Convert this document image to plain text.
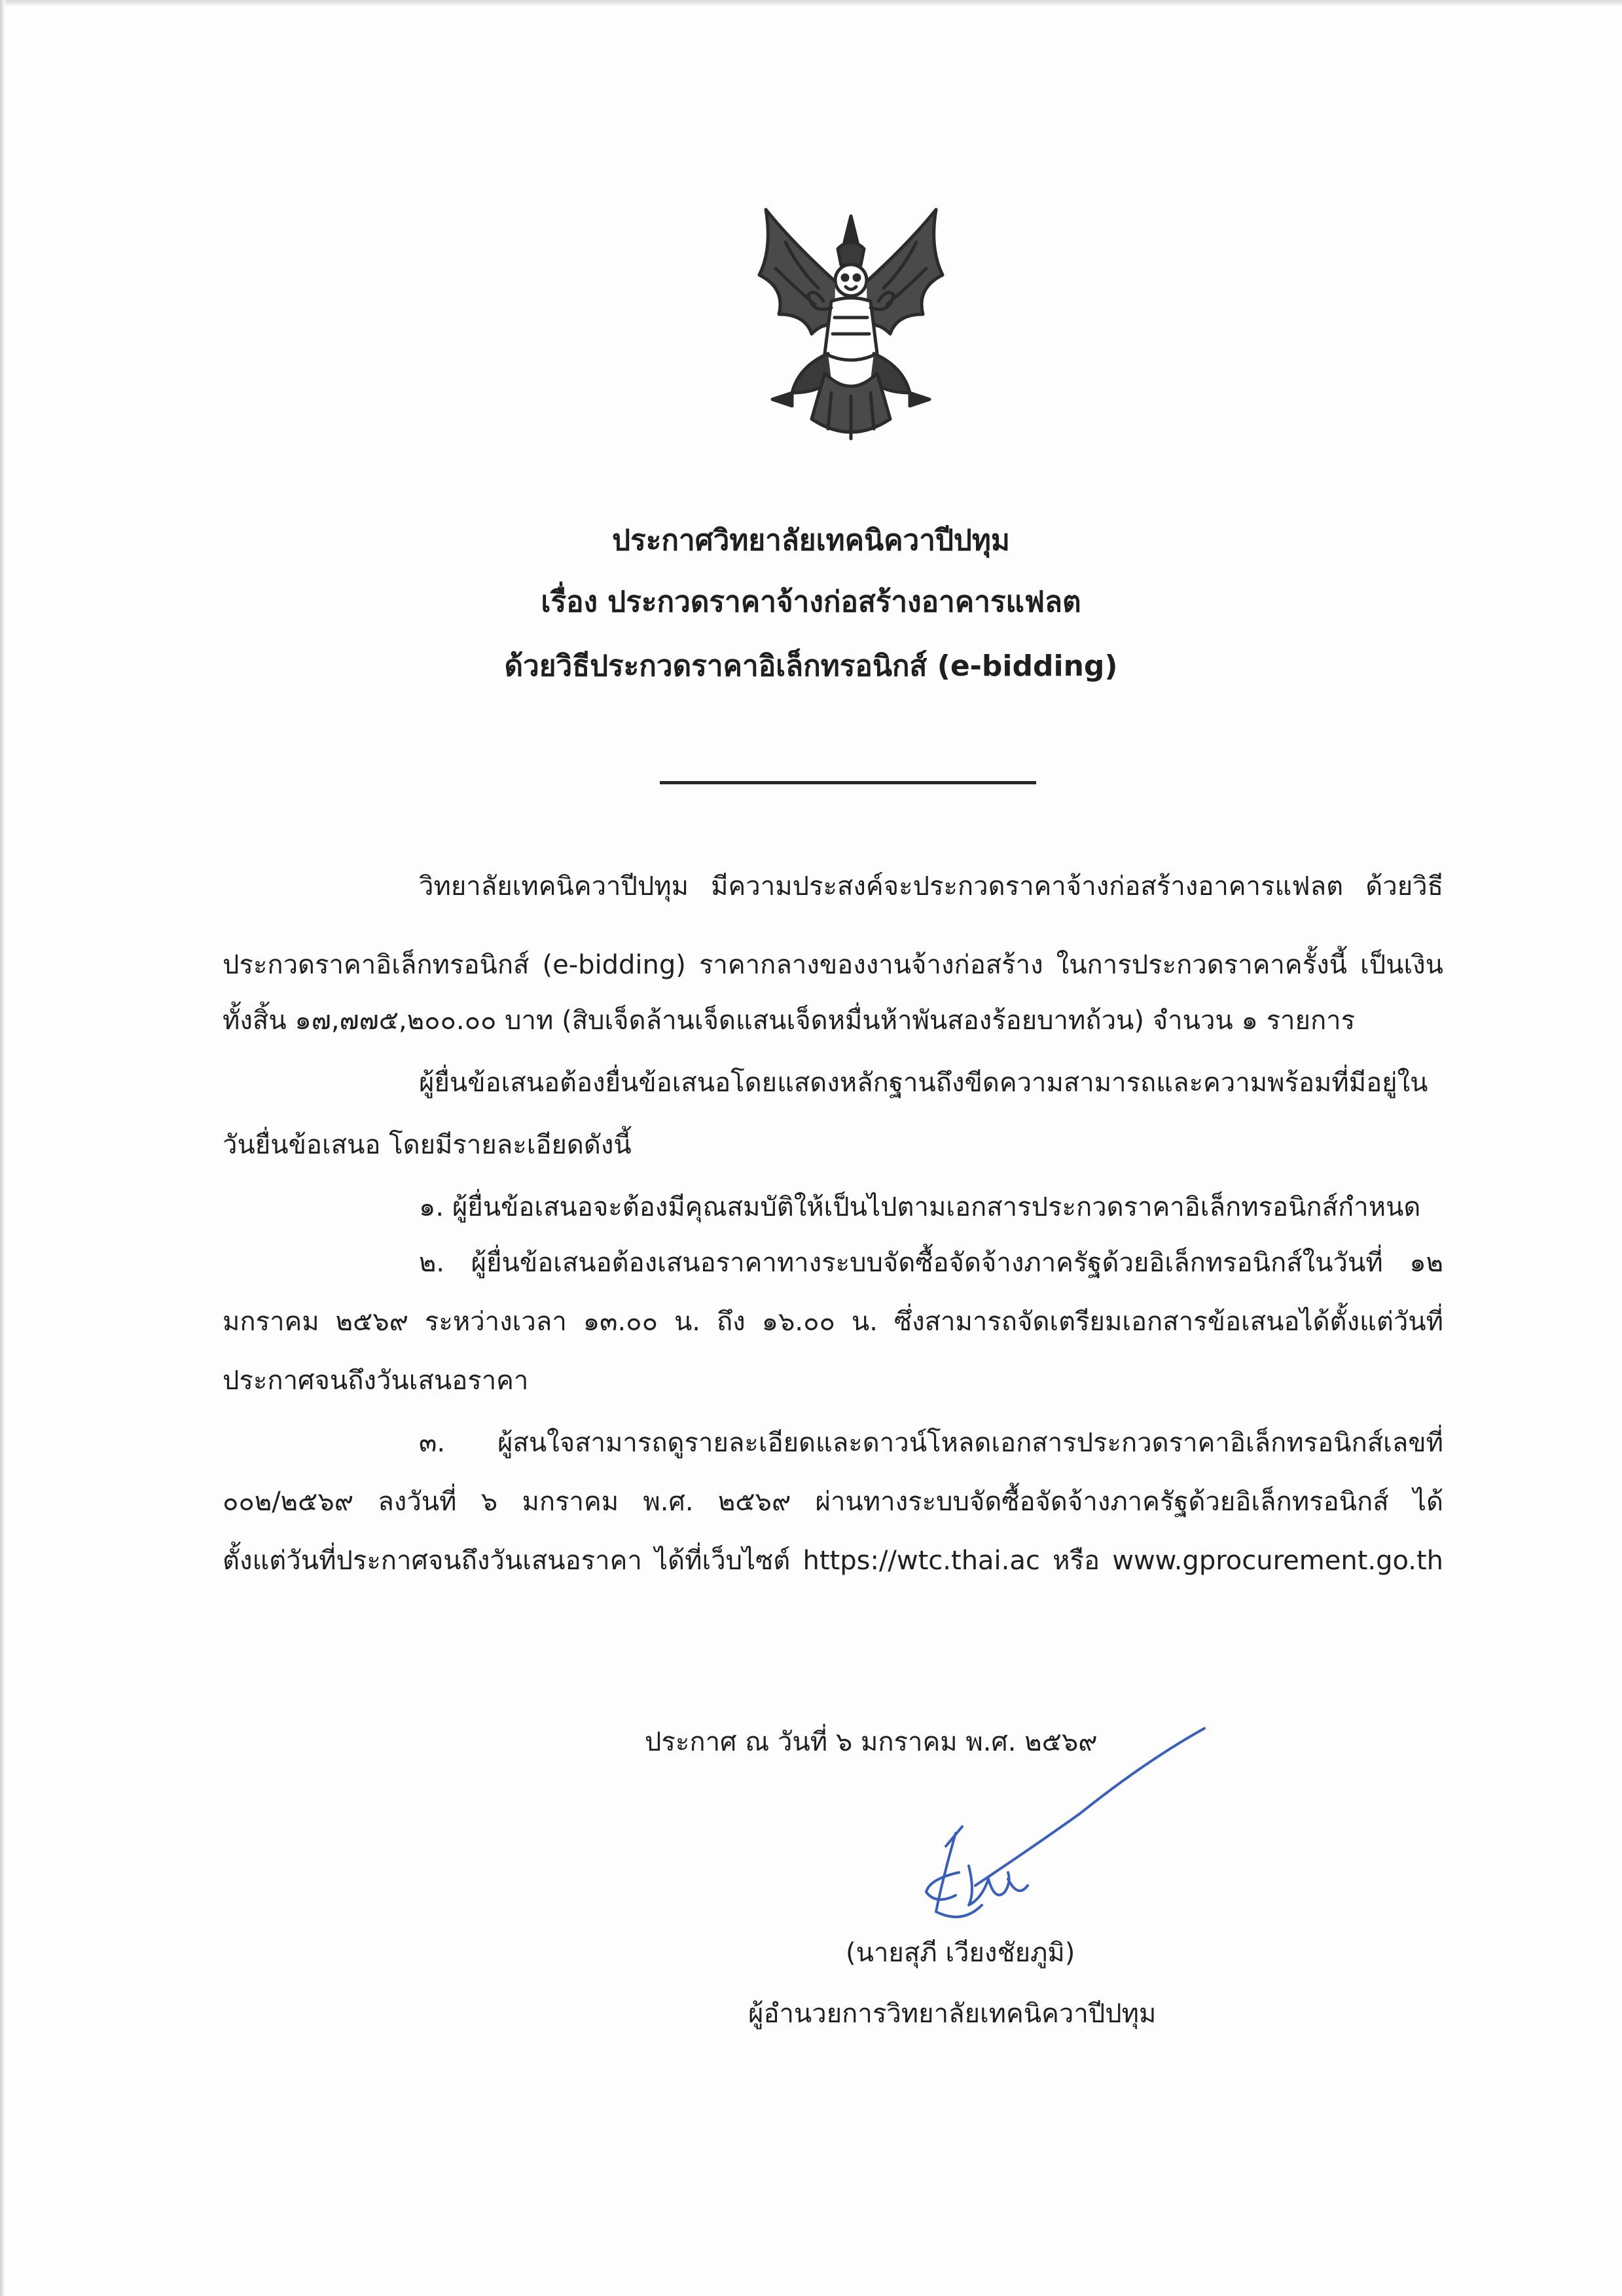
ประกาศวิทยาลัยเทคนิควาปีปทุม
เรื่อง ประกวดราคาจ้างก่อสร้างอาคารแฟลต
ด้วยวิธีประกวดราคาอิเล็กทรอนิกส์ (e-bidding)
วิทยาลัยเทคนิควาปีปทุม มีความประสงค์จะประกวดราคาจ้างก่อสร้างอาคารแฟลต ด้วยวิธี
ประกวดราคาอิเล็กทรอนิกส์ (e-bidding) ราคากลางของงานจ้างก่อสร้าง ในการประกวดราคาครั้งนี้ เป็นเงิน
ทั้งสิ้น ๑๗,๗๗๕,๒๐๐.๐๐ บาท (สิบเจ็ดล้านเจ็ดแสนเจ็ดหมื่นห้าพันสองร้อยบาทถ้วน) จำนวน ๑ รายการ
ผู้ยื่นข้อเสนอต้องยื่นข้อเสนอโดยแสดงหลักฐานถึงขีดความสามารถและความพร้อมที่มีอยู่ใน
วันยื่นข้อเสนอ โดยมีรายละเอียดดังนี้
๑. ผู้ยื่นข้อเสนอจะต้องมีคุณสมบัติให้เป็นไปตามเอกสารประกวดราคาอิเล็กทรอนิกส์กำหนด
๒. ผู้ยื่นข้อเสนอต้องเสนอราคาทางระบบจัดซื้อจัดจ้างภาครัฐด้วยอิเล็กทรอนิกส์ในวันที่ ๑๒
มกราคม ๒๕๖๙ ระหว่างเวลา ๑๓.๐๐ น. ถึง ๑๖.๐๐ น. ซึ่งสามารถจัดเตรียมเอกสารข้อเสนอได้ตั้งแต่วันที่
ประกาศจนถึงวันเสนอราคา
๓. ผู้สนใจสามารถดูรายละเอียดและดาวน์โหลดเอกสารประกวดราคาอิเล็กทรอนิกส์เลขที่
๐๐๒/๒๕๖๙ ลงวันที่ ๖ มกราคม พ.ศ. ๒๕๖๙ ผ่านทางระบบจัดซื้อจัดจ้างภาครัฐด้วยอิเล็กทรอนิกส์ ได้
ตั้งแต่วันที่ประกาศจนถึงวันเสนอราคา ได้ที่เว็บไซต์ https://wtc.thai.ac หรือ www.gprocurement.go.th
ประกาศ ณ วันที่ ๖ มกราคม พ.ศ. ๒๕๖๙
(นายสุภี เวียงชัยภูมิ)
ผู้อำนวยการวิทยาลัยเทคนิควาปีปทุม
